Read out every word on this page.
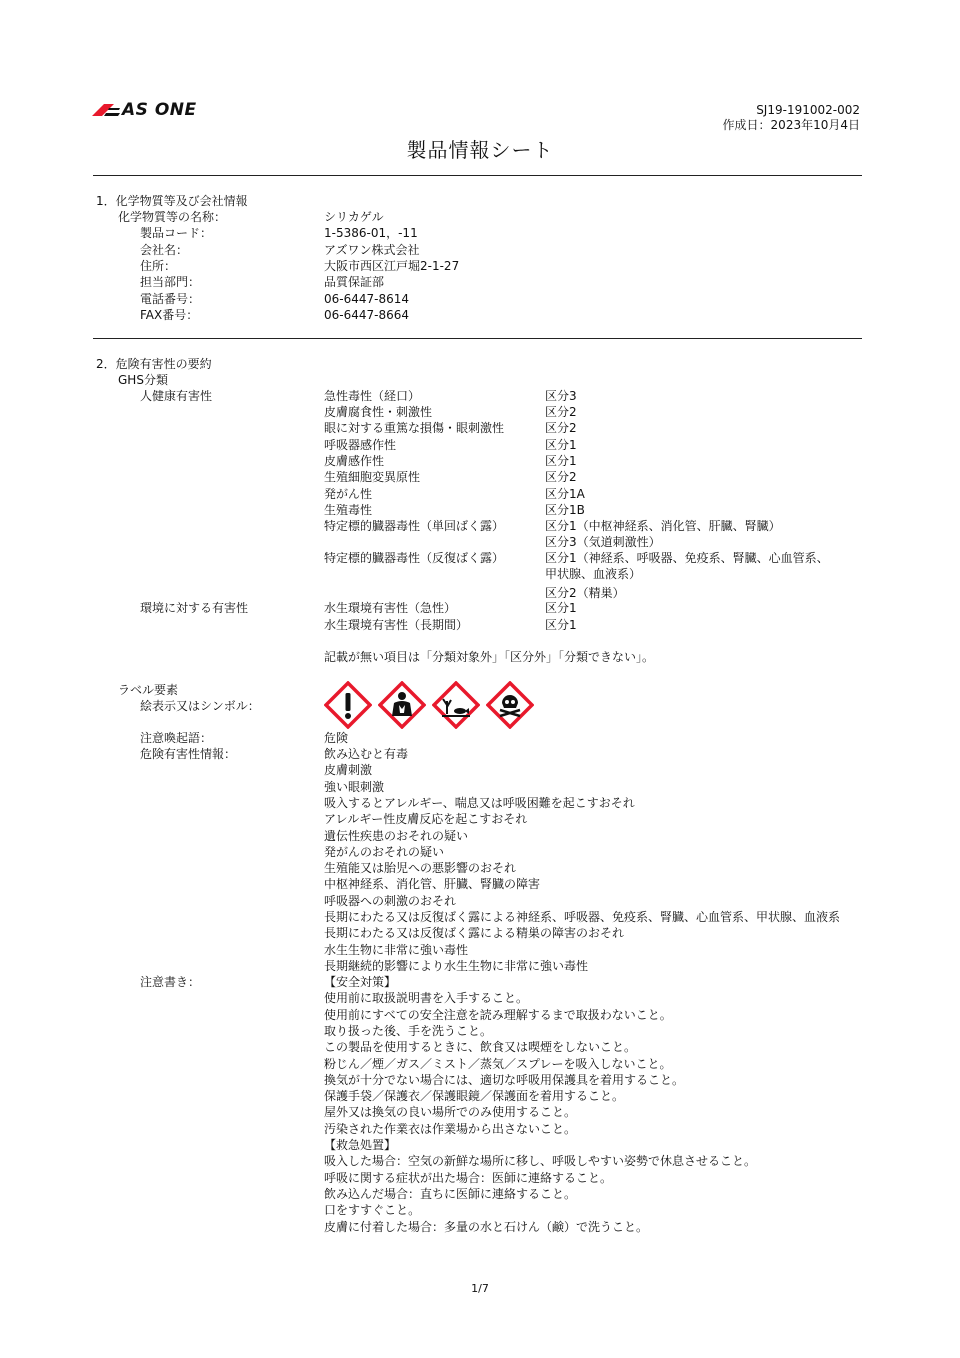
AS ONE	SJ19-191002-002
作成日：2023年10月4日
製品情報シート
1．化学物質等及び会社情報
化学物質等の名称：	シリカゲル
製品コード：	1-5386-01，-11
会社名：	アズワン株式会社
住所：	大阪市西区江戸堀2-1-27
担当部門：	品質保証部
電話番号：	06-6447-8614
FAX番号：	06-6447-8664
2．危険有害性の要約
GHS分類
人健康有害性	急性毒性（経口）	区分3
皮膚腐食性・刺激性	区分2
眼に対する重篤な損傷・眼刺激性	区分2
呼吸器感作性	区分1
皮膚感作性	区分1
生殖細胞変異原性	区分2
発がん性	区分1A
生殖毒性	区分1B
特定標的臓器毒性（単回ばく露）	区分1（中枢神経系、消化管、肝臓、腎臓）
区分3（気道刺激性）
特定標的臓器毒性（反復ばく露）	区分1（神経系、呼吸器、免疫系、腎臓、心血管系、
甲状腺、血液系）
区分2（精巣）
環境に対する有害性	水生環境有害性（急性）	区分1
水生環境有害性（長期間）	区分1
記載が無い項目は「分類対象外」「区分外」「分類できない」。
ラベル要素
絵表示又はシンボル：
注意喚起語：	危険
危険有害性情報：	飲み込むと有毒
皮膚刺激
強い眼刺激
吸入するとアレルギー、喘息又は呼吸困難を起こすおそれ
アレルギー性皮膚反応を起こすおそれ
遺伝性疾患のおそれの疑い
発がんのおそれの疑い
生殖能又は胎児への悪影響のおそれ
中枢神経系、消化管、肝臓、腎臓の障害
呼吸器への刺激のおそれ
長期にわたる又は反復ばく露による神経系、呼吸器、免疫系、腎臓、心血管系、甲状腺、血液系
長期にわたる又は反復ばく露による精巣の障害のおそれ
水生生物に非常に強い毒性
長期継続的影響により水生生物に非常に強い毒性
注意書き：	【安全対策】
使用前に取扱説明書を入手すること。
使用前にすべての安全注意を読み理解するまで取扱わないこと。
取り扱った後、手を洗うこと。
この製品を使用するときに、飲食又は喫煙をしないこと。
粉じん／煙／ガス／ミスト／蒸気／スプレーを吸入しないこと。
換気が十分でない場合には、適切な呼吸用保護具を着用すること。
保護手袋／保護衣／保護眼鏡／保護面を着用すること。
屋外又は換気の良い場所でのみ使用すること。
汚染された作業衣は作業場から出さないこと。
【救急処置】
吸入した場合：空気の新鮮な場所に移し、呼吸しやすい姿勢で休息させること。
呼吸に関する症状が出た場合：医師に連絡すること。
飲み込んだ場合：直ちに医師に連絡すること。
口をすすぐこと。
皮膚に付着した場合：多量の水と石けん（鹸）で洗うこと。
1/7
